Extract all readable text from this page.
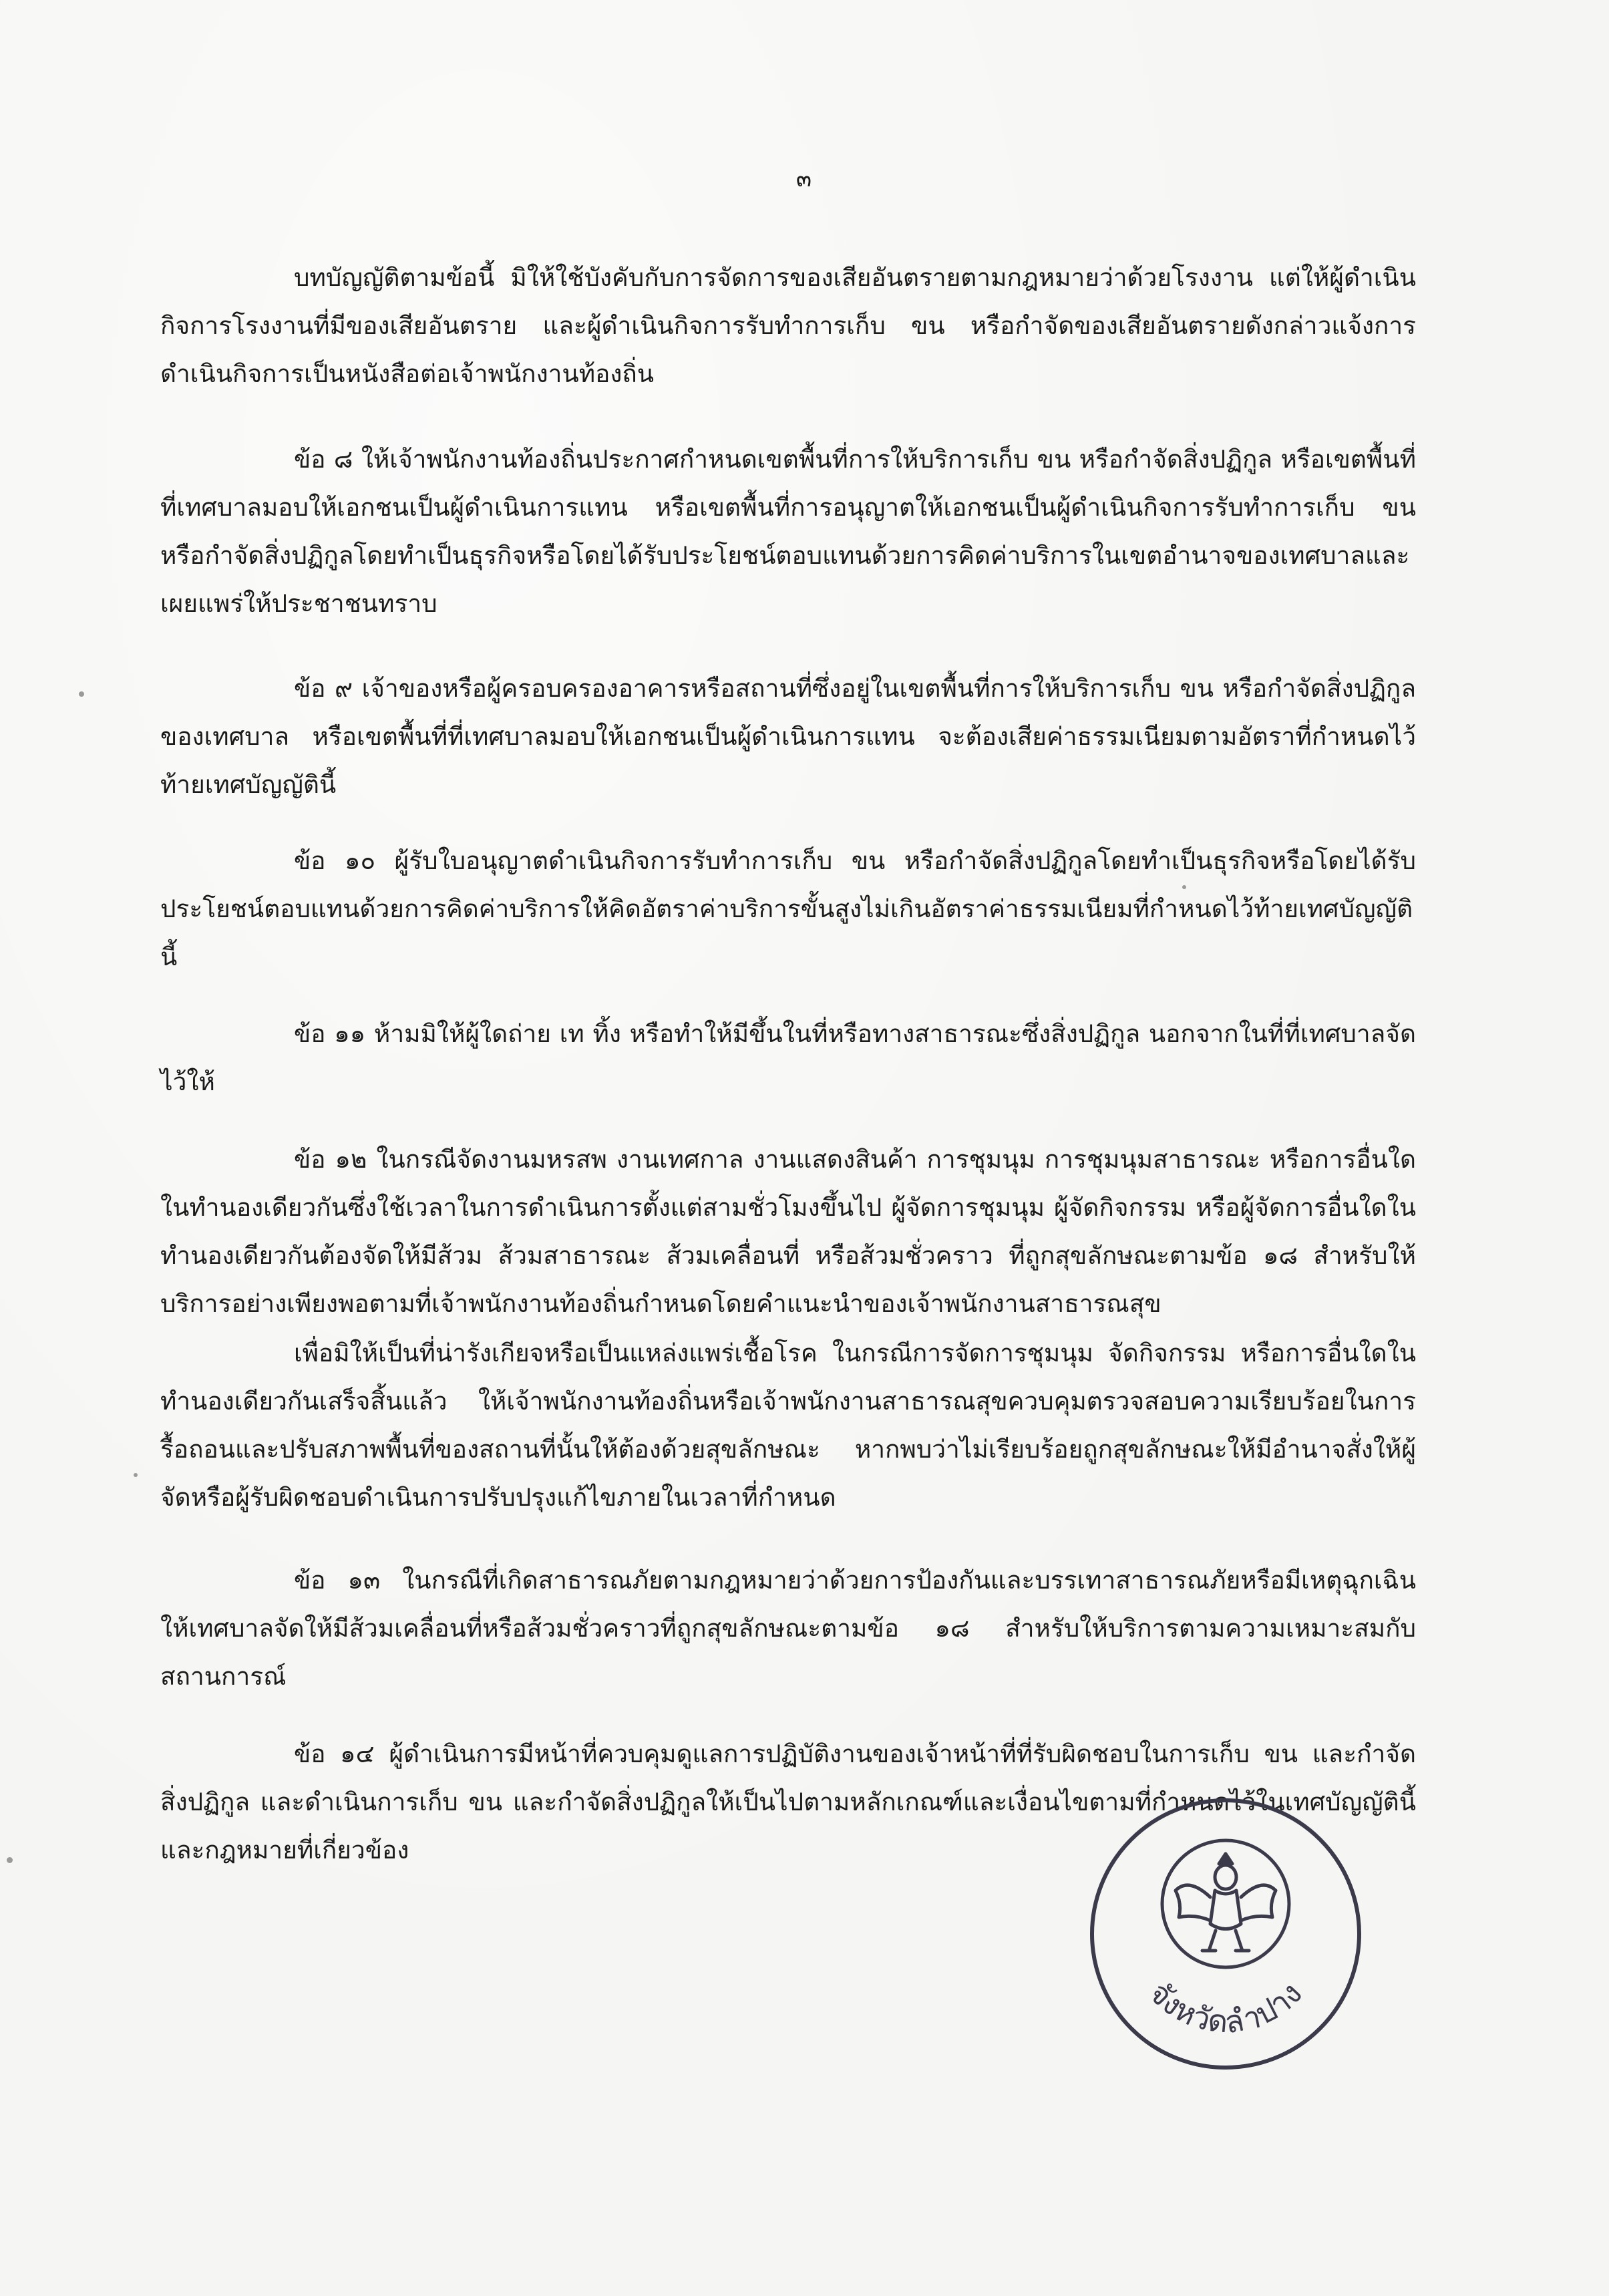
๓

บทบัญญัติตามข้อนี้ มิให้ใช้บังคับกับการจัดการของเสียอันตรายตามกฎหมายว่าด้วยโรงงาน แต่ให้ผู้ดำเนินกิจการโรงงานที่มีของเสียอันตราย และผู้ดำเนินกิจการรับทำการเก็บ ขน หรือกำจัดของเสียอันตรายดังกล่าวแจ้งการดำเนินกิจการเป็นหนังสือต่อเจ้าพนักงานท้องถิ่น

ข้อ ๘ ให้เจ้าพนักงานท้องถิ่นประกาศกำหนดเขตพื้นที่การให้บริการเก็บ ขน หรือกำจัดสิ่งปฏิกูล หรือเขตพื้นที่ที่เทศบาลมอบให้เอกชนเป็นผู้ดำเนินการแทน หรือเขตพื้นที่การอนุญาตให้เอกชนเป็นผู้ดำเนินกิจการรับทำการเก็บ ขน หรือกำจัดสิ่งปฏิกูลโดยทำเป็นธุรกิจหรือโดยได้รับประโยชน์ตอบแทนด้วยการคิดค่าบริการในเขตอำนาจของเทศบาลและเผยแพร่ให้ประชาชนทราบ

ข้อ ๙ เจ้าของหรือผู้ครอบครองอาคารหรือสถานที่ซึ่งอยู่ในเขตพื้นที่การให้บริการเก็บ ขน หรือกำจัดสิ่งปฏิกูลของเทศบาล หรือเขตพื้นที่ที่เทศบาลมอบให้เอกชนเป็นผู้ดำเนินการแทน จะต้องเสียค่าธรรมเนียมตามอัตราที่กำหนดไว้ท้ายเทศบัญญัตินี้

ข้อ ๑๐ ผู้รับใบอนุญาตดำเนินกิจการรับทำการเก็บ ขน หรือกำจัดสิ่งปฏิกูลโดยทำเป็นธุรกิจหรือโดยได้รับประโยชน์ตอบแทนด้วยการคิดค่าบริการให้คิดอัตราค่าบริการขั้นสูงไม่เกินอัตราค่าธรรมเนียมที่กำหนดไว้ท้ายเทศบัญญัตินี้

ข้อ ๑๑ ห้ามมิให้ผู้ใดถ่าย เท ทิ้ง หรือทำให้มีขึ้นในที่หรือทางสาธารณะซึ่งสิ่งปฏิกูล นอกจากในที่ที่เทศบาลจัดไว้ให้

ข้อ ๑๒ ในกรณีจัดงานมหรสพ งานเทศกาล งานแสดงสินค้า การชุมนุม การชุมนุมสาธารณะ หรือการอื่นใดในทำนองเดียวกันซึ่งใช้เวลาในการดำเนินการตั้งแต่สามชั่วโมงขึ้นไป ผู้จัดการชุมนุม ผู้จัดกิจกรรม หรือผู้จัดการอื่นใดในทำนองเดียวกันต้องจัดให้มีส้วม ส้วมสาธารณะ ส้วมเคลื่อนที่ หรือส้วมชั่วคราว ที่ถูกสุขลักษณะตามข้อ ๑๘ สำหรับให้บริการอย่างเพียงพอตามที่เจ้าพนักงานท้องถิ่นกำหนดโดยคำแนะนำของเจ้าพนักงานสาธารณสุข

เพื่อมิให้เป็นที่น่ารังเกียจหรือเป็นแหล่งแพร่เชื้อโรค ในกรณีการจัดการชุมนุม จัดกิจกรรม หรือการอื่นใดในทำนองเดียวกันเสร็จสิ้นแล้ว ให้เจ้าพนักงานท้องถิ่นหรือเจ้าพนักงานสาธารณสุขควบคุมตรวจสอบความเรียบร้อยในการรื้อถอนและปรับสภาพพื้นที่ของสถานที่นั้นให้ต้องด้วยสุขลักษณะ หากพบว่าไม่เรียบร้อยถูกสุขลักษณะให้มีอำนาจสั่งให้ผู้จัดหรือผู้รับผิดชอบดำเนินการปรับปรุงแก้ไขภายในเวลาที่กำหนด

ข้อ ๑๓ ในกรณีที่เกิดสาธารณภัยตามกฎหมายว่าด้วยการป้องกันและบรรเทาสาธารณภัยหรือมีเหตุฉุกเฉินให้เทศบาลจัดให้มีส้วมเคลื่อนที่หรือส้วมชั่วคราวที่ถูกสุขลักษณะตามข้อ ๑๘ สำหรับให้บริการตามความเหมาะสมกับสถานการณ์

ข้อ ๑๔ ผู้ดำเนินการมีหน้าที่ควบคุมดูแลการปฏิบัติงานของเจ้าหน้าที่ที่รับผิดชอบในการเก็บ ขน และกำจัดสิ่งปฏิกูล และดำเนินการเก็บ ขน และกำจัดสิ่งปฏิกูลให้เป็นไปตามหลักเกณฑ์และเงื่อนไขตามที่กำหนดไว้ในเทศบัญญัตินี้ และกฎหมายที่เกี่ยวข้อง

จังหวัดลำปาง
